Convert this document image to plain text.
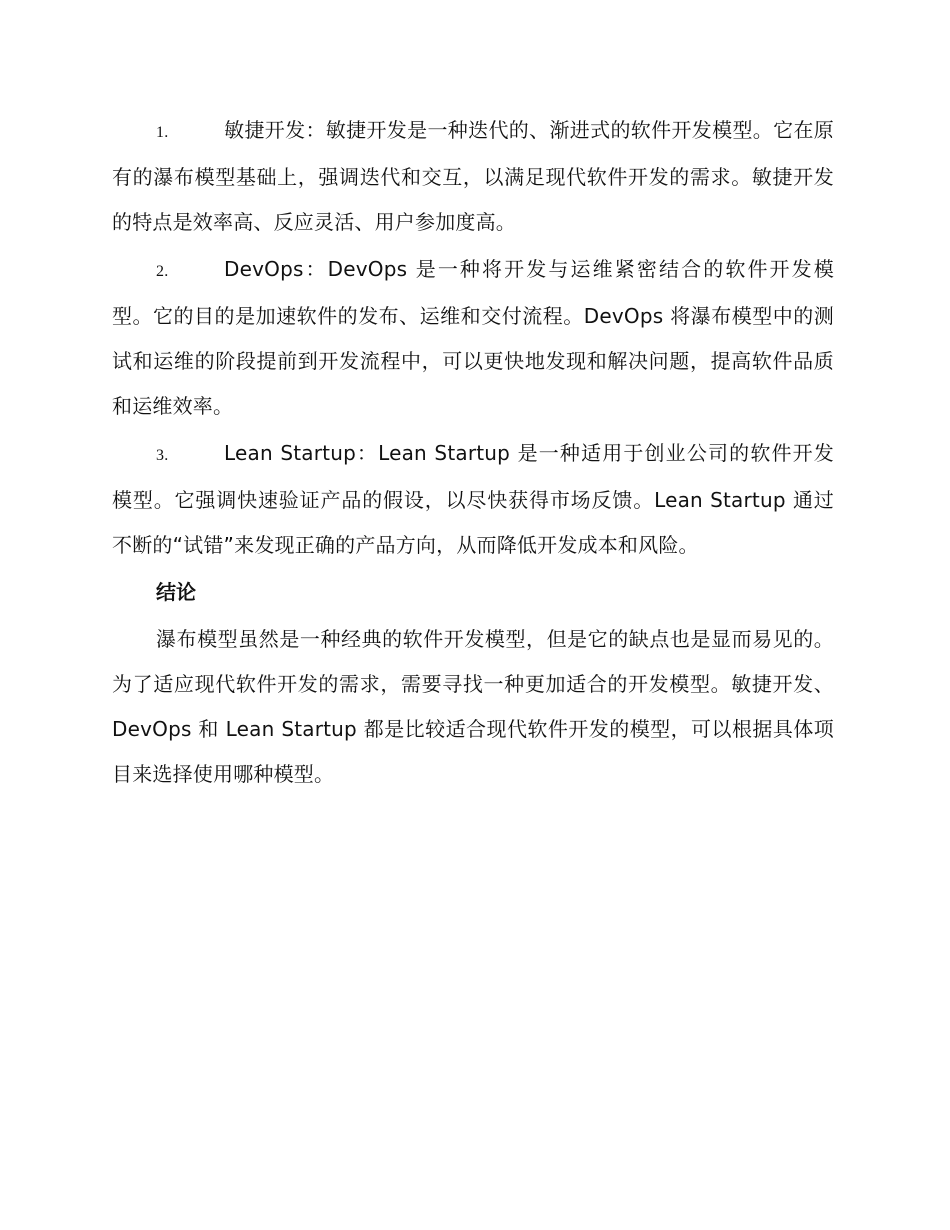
1.	敏捷开发：敏捷开发是一种迭代的、渐进式的软件开发模型。它在原有的瀑布模型基础上，强调迭代和交互，以满足现代软件开发的需求。敏捷开发的特点是效率高、反应灵活、用户参加度高。

2.	DevOps：DevOps 是一种将开发与运维紧密结合的软件开发模型。它的目的是加速软件的发布、运维和交付流程。DevOps 将瀑布模型中的测试和运维的阶段提前到开发流程中，可以更快地发现和解决问题，提高软件品质和运维效率。

3.	Lean Startup：Lean Startup 是一种适用于创业公司的软件开发模型。它强调快速验证产品的假设，以尽快获得市场反馈。Lean Startup 通过不断的“试错”来发现正确的产品方向，从而降低开发成本和风险。

结论

瀑布模型虽然是一种经典的软件开发模型，但是它的缺点也是显而易见的。为了适应现代软件开发的需求，需要寻找一种更加适合的开发模型。敏捷开发、DevOps 和 Lean Startup 都是比较适合现代软件开发的模型，可以根据具体项目来选择使用哪种模型。
